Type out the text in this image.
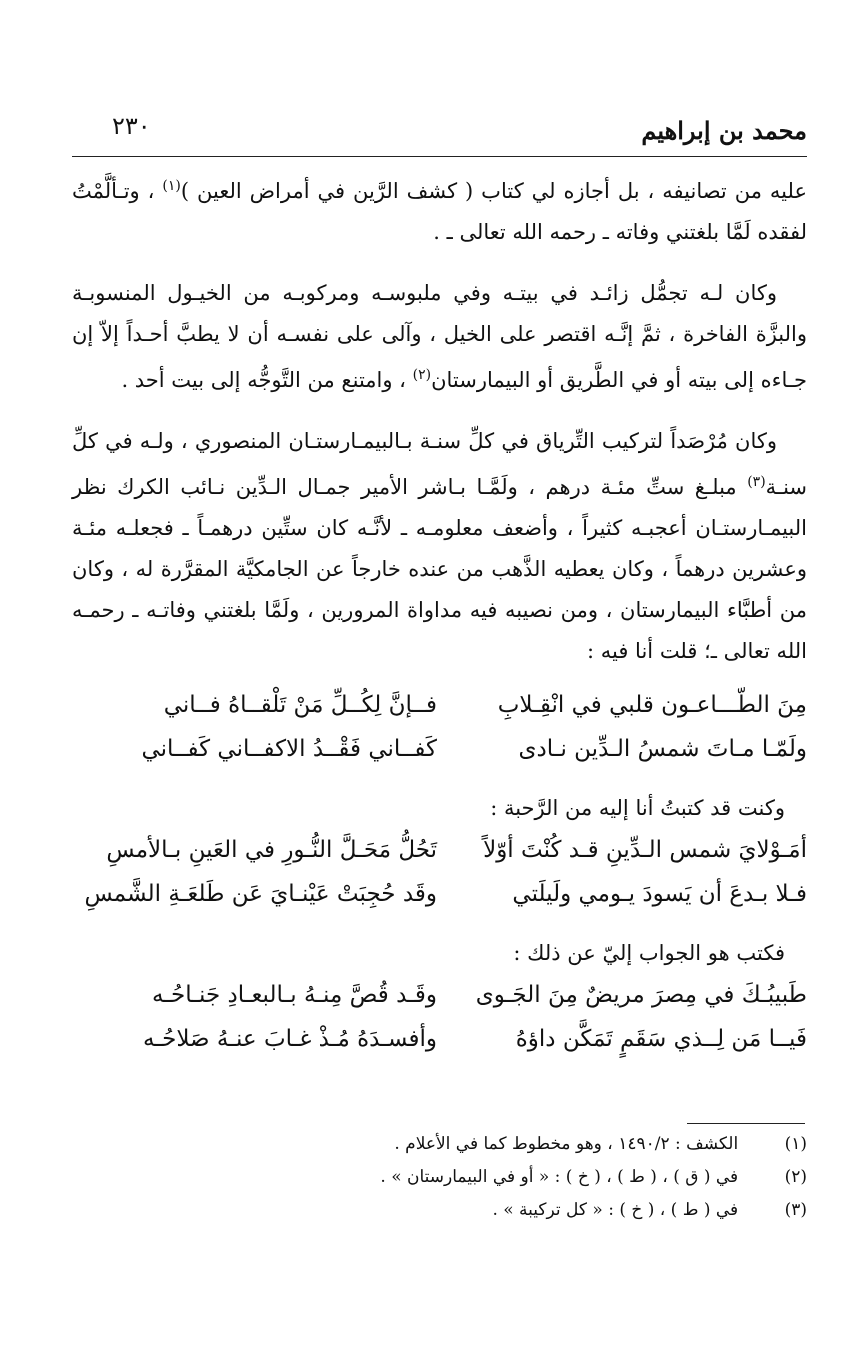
محمد بن إبراهيم
٢٣٠

عليه من تصانيفه ، بل أجازه لي كتاب ( كشف الرَّين في أمراض العين )$^{(١)}$ ، وتـألَّمْتُ لفقده لَمَّا بلغتني وفاته ـ رحمه الله تعالى ـ .

وكان لـه تجمُّل زائـد في بيتـه وفي ملبوسـه ومركوبـه من الخيـول المنسوبـة والبزَّة الفاخرة ، ثمَّ إنَّـه اقتصر على الخيل ، وآلى على نفسـه أن لا يطبَّ أحـداً إلاّ إن جـاءه إلى بيته أو في الطَّريق أو البيمارستان$^{(٢)}$ ، وامتنع من التَّوجُّه إلى بيت أحد .

وكان مُرْصَداً لتركيب التِّرياق في كلِّ سنـة بـالبيمـارستـان المنصوري ، ولـه في كلِّ سنـة$^{(٣)}$ مبلـغ ستِّ مئـة درهم ، ولَمَّـا بـاشر الأمير جمـال الـدِّين نـائب الكرك نظر البيمـارستـان أعجبـه كثيراً ، وأضعف معلومـه ـ لأنَّـه كان ستِّين درهمـاً ـ فجعلـه مئـة وعشرين درهماً ، وكان يعطيه الذَّهب من عنده خارجاً عن الجامكيَّة المقرَّرة له ، وكان من أطبَّاء البيمارستان ، ومن نصيبه فيه مداواة المرورين ، ولَمَّا بلغتني وفاتـه ـ رحمـه الله تعالى ـ؛ قلت أنا فيه :

مِنَ الطّـــاعـون قلبي في انْقِـلابِ
فــإنَّ لِكُــلِّ مَنْ تَلْقــاهُ فــاني
ولَمّـا مـاتَ شمسُ الـدِّين نـادى
كَفــاني فَقْــدُ الاكفــاني كَفــاني
وكنت قد كتبتُ أنا إليه من الرَّحبة :
أمَـوْلايَ شمس الـدِّينِ قـد كُنْتَ أوّلاً
تَحُلُّ مَحَـلَّ النُّـورِ في العَينِ بـالأمسِ
فـلا بـدعَ أن يَسودَ يـومي ولَيلَتي
وقَد حُجِبَتْ عَيْنـايَ عَن طَلعَـةِ الشَّمسِ
فكتب هو الجواب إليّ عن ذلك :
طَبيبُـكَ في مِصرَ مريضٌ مِنَ الجَـوى
وقَـد قُصَّ مِنـهُ بـالبعـادِ جَنـاحُـه
فَيــا مَن لِــذي سَقَمٍ تَمَكَّن داؤهُ
وأفسـدَهُ مُـذْ غـابَ عنـهُ صَلاحُـه
(١)  الكشف : ١٤٩٠/٢ ، وهو مخطوط كما في الأعلام .
(٢)  في ( ق ) ، ( ط ) ، ( خ ) : « أو في البيمارستان » .
(٣)  في ( ط ) ، ( خ ) : « كل تركيبة » .
